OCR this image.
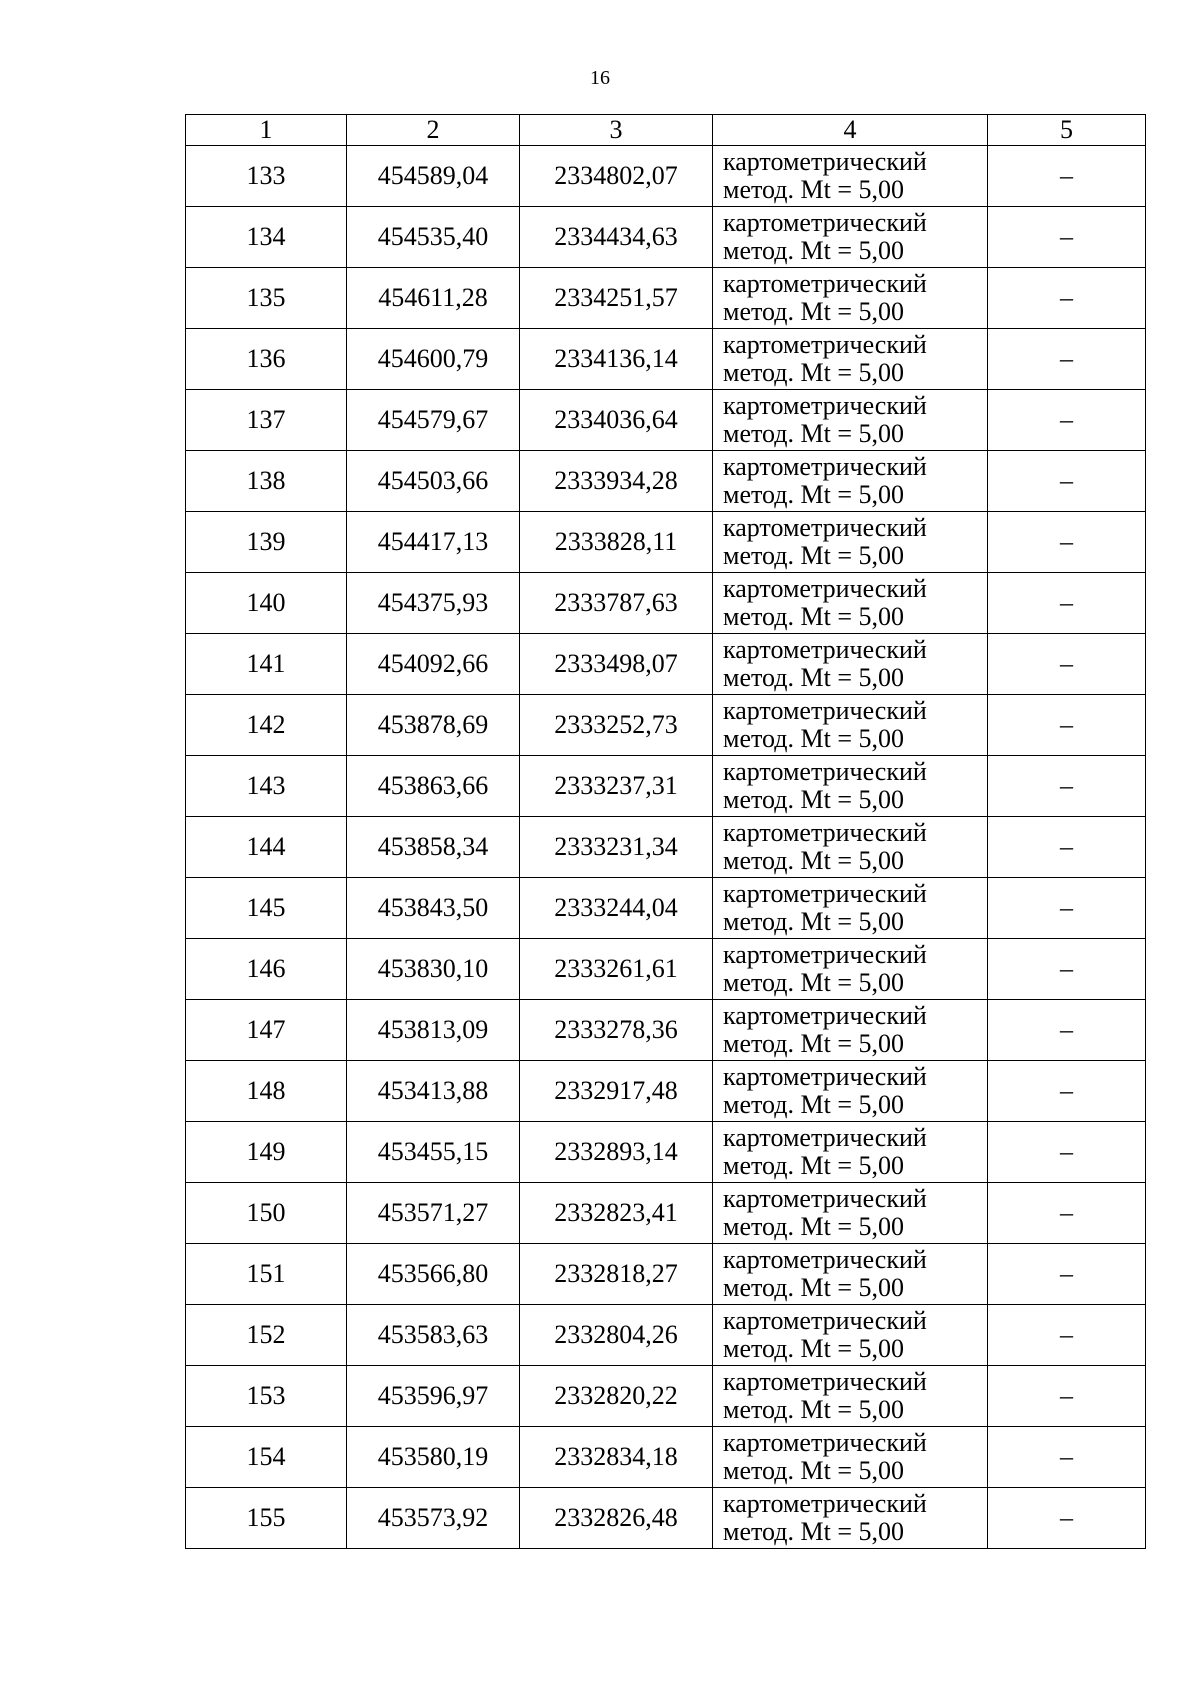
16
1	2	3	4	5
133	454589,04	2334802,07	картометрический
метод. Mt = 5,00	–
134	454535,40	2334434,63	картометрический
метод. Mt = 5,00	–
135	454611,28	2334251,57	картометрический
метод. Mt = 5,00	–
136	454600,79	2334136,14	картометрический
метод. Mt = 5,00	–
137	454579,67	2334036,64	картометрический
метод. Mt = 5,00	–
138	454503,66	2333934,28	картометрический
метод. Mt = 5,00	–
139	454417,13	2333828,11	картометрический
метод. Mt = 5,00	–
140	454375,93	2333787,63	картометрический
метод. Mt = 5,00	–
141	454092,66	2333498,07	картометрический
метод. Mt = 5,00	–
142	453878,69	2333252,73	картометрический
метод. Mt = 5,00	–
143	453863,66	2333237,31	картометрический
метод. Mt = 5,00	–
144	453858,34	2333231,34	картометрический
метод. Mt = 5,00	–
145	453843,50	2333244,04	картометрический
метод. Mt = 5,00	–
146	453830,10	2333261,61	картометрический
метод. Mt = 5,00	–
147	453813,09	2333278,36	картометрический
метод. Mt = 5,00	–
148	453413,88	2332917,48	картометрический
метод. Mt = 5,00	–
149	453455,15	2332893,14	картометрический
метод. Mt = 5,00	–
150	453571,27	2332823,41	картометрический
метод. Mt = 5,00	–
151	453566,80	2332818,27	картометрический
метод. Mt = 5,00	–
152	453583,63	2332804,26	картометрический
метод. Mt = 5,00	–
153	453596,97	2332820,22	картометрический
метод. Mt = 5,00	–
154	453580,19	2332834,18	картометрический
метод. Mt = 5,00	–
155	453573,92	2332826,48	картометрический
метод. Mt = 5,00	–
